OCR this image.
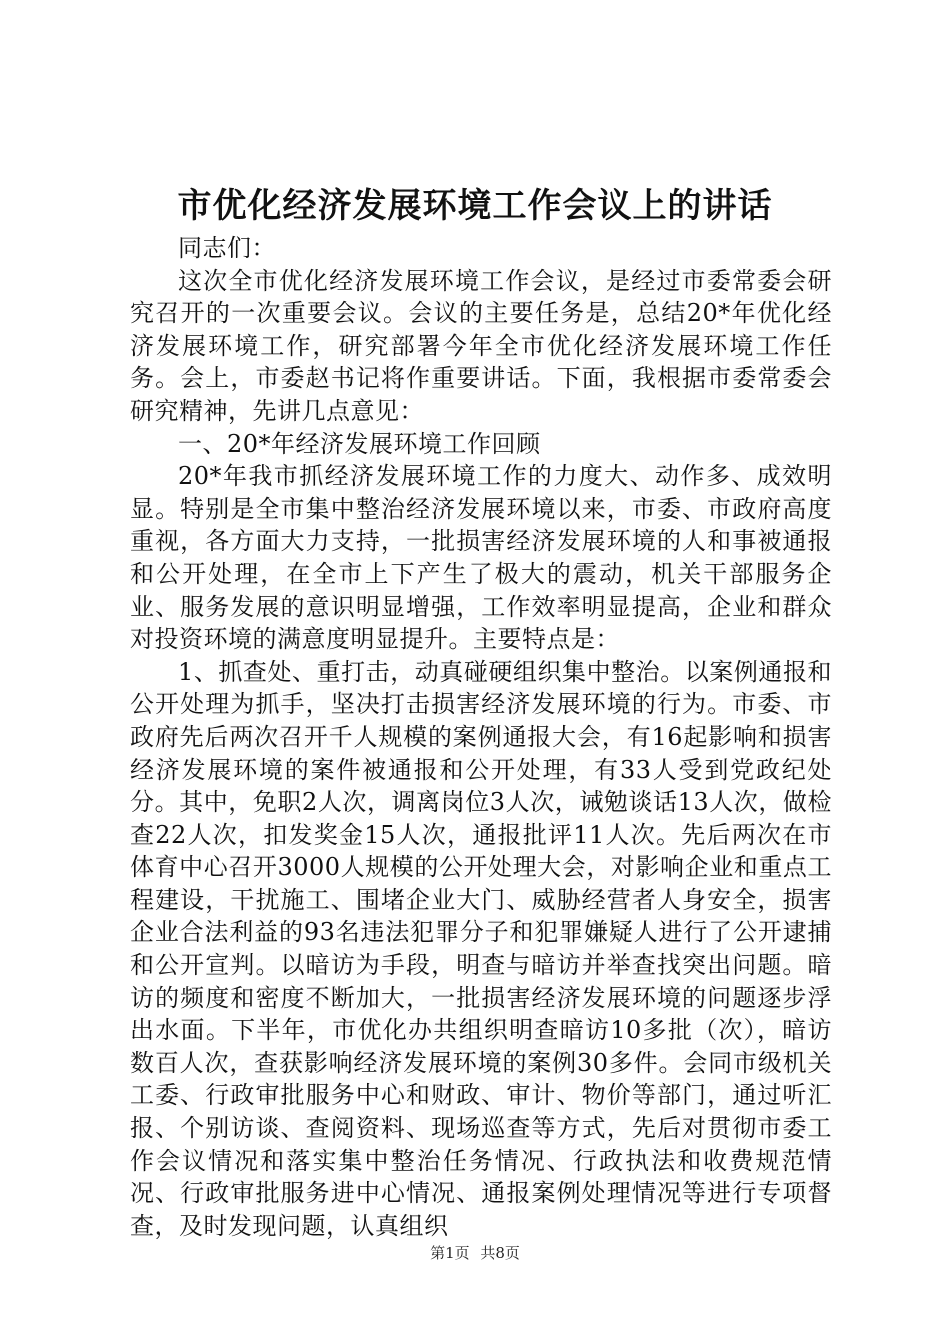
市优化经济发展环境工作会议上的讲话

同志们：

这次全市优化经济发展环境工作会议，是经过市委常委会研究召开的一次重要会议。会议的主要任务是，总结20*年优化经济发展环境工作，研究部署今年全市优化经济发展环境工作任务。会上，市委赵书记将作重要讲话。下面，我根据市委常委会研究精神，先讲几点意见：

一、20*年经济发展环境工作回顾

20*年我市抓经济发展环境工作的力度大、动作多、成效明显。特别是全市集中整治经济发展环境以来，市委、市政府高度重视，各方面大力支持，一批损害经济发展环境的人和事被通报和公开处理，在全市上下产生了极大的震动，机关干部服务企业、服务发展的意识明显增强，工作效率明显提高，企业和群众对投资环境的满意度明显提升。主要特点是：

1、抓查处、重打击，动真碰硬组织集中整治。以案例通报和公开处理为抓手，坚决打击损害经济发展环境的行为。市委、市政府先后两次召开千人规模的案例通报大会，有16起影响和损害经济发展环境的案件被通报和公开处理，有33人受到党政纪处分。其中，免职2人次，调离岗位3人次，诫勉谈话13人次，做检查22人次，扣发奖金15人次，通报批评11人次。先后两次在市体育中心召开3000人规模的公开处理大会，对影响企业和重点工程建设，干扰施工、围堵企业大门、威胁经营者人身安全，损害企业合法利益的93名违法犯罪分子和犯罪嫌疑人进行了公开逮捕和公开宣判。以暗访为手段，明查与暗访并举查找突出问题。暗访的频度和密度不断加大，一批损害经济发展环境的问题逐步浮出水面。下半年，市优化办共组织明查暗访10多批（次），暗访数百人次，查获影响经济发展环境的案例30多件。会同市级机关工委、行政审批服务中心和财政、审计、物价等部门，通过听汇报、个别访谈、查阅资料、现场巡查等方式，先后对贯彻市委工作会议情况和落实集中整治任务情况、行政执法和收费规范情况、行政审批服务进中心情况、通报案例处理情况等进行专项督查，及时发现问题，认真组织

第1页 共8页
